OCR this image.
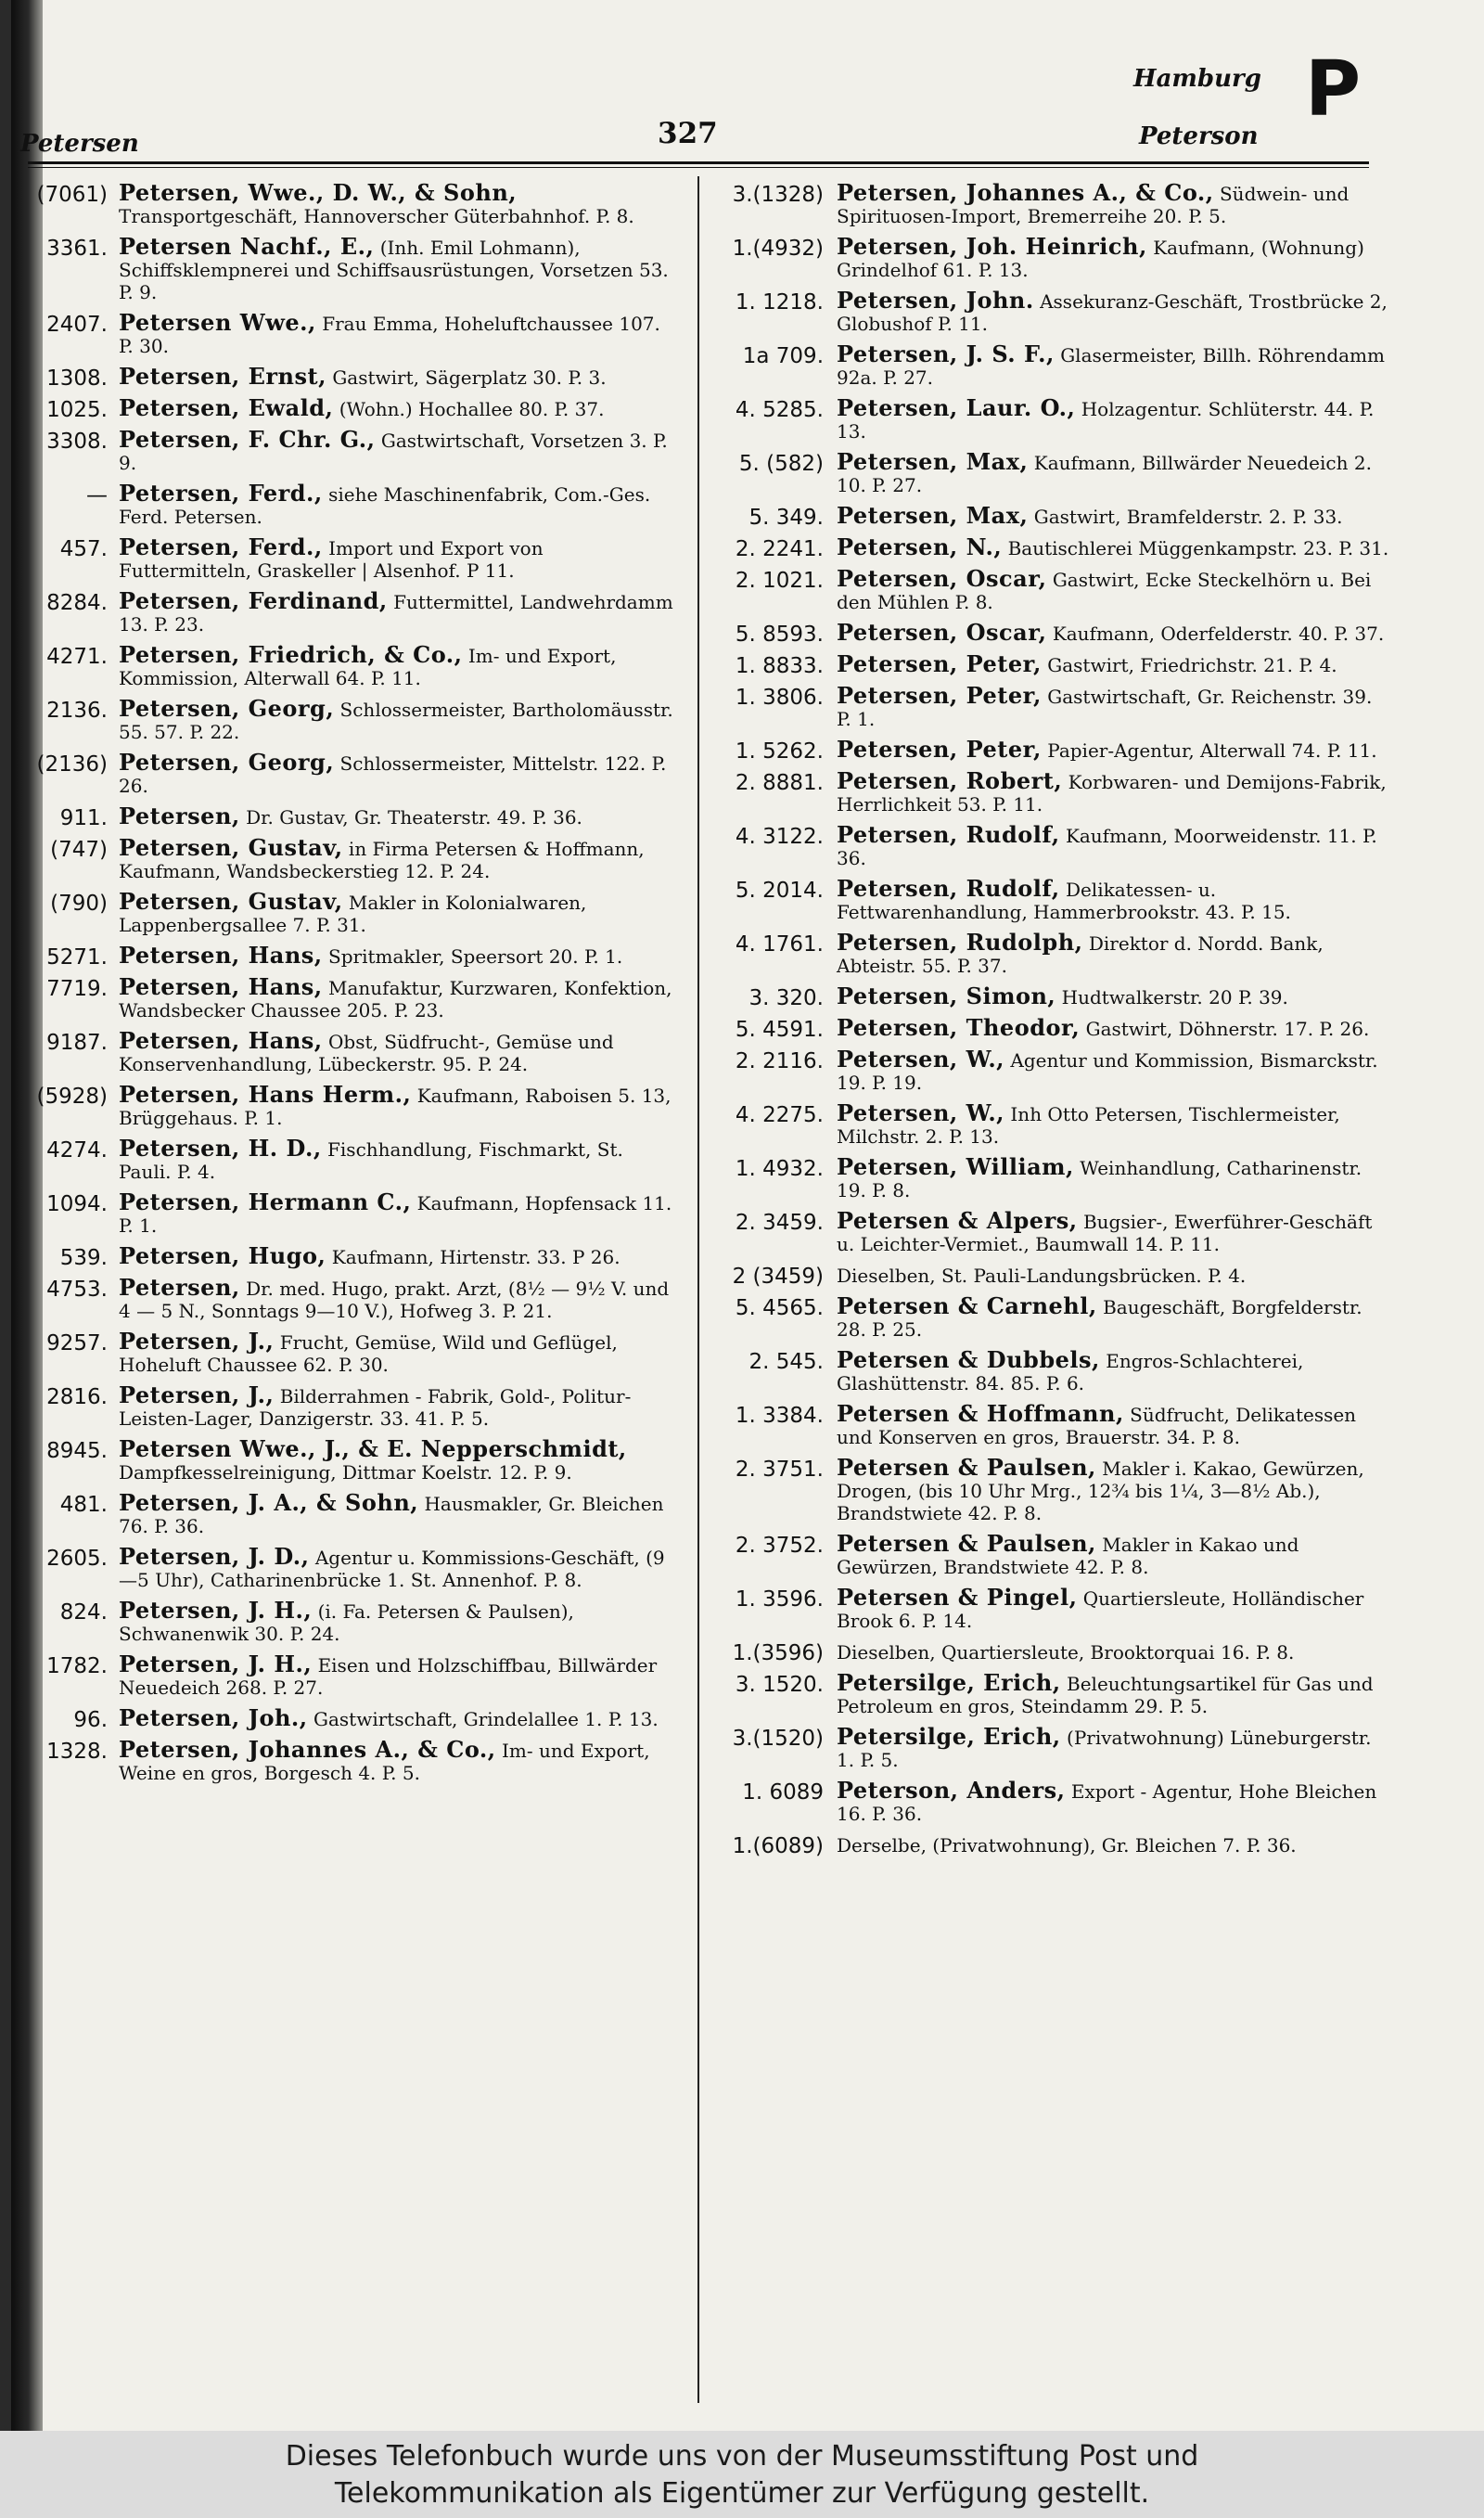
Petersen	327
Hamburg P
Peterson
(7061) Petersen, Wwe., D. W., & Sohn, Transportgeschäft, Hannoverscher Güterbahnhof. P. 8.
3361. Petersen Nachf., E., (Inh. Emil Lohmann), Schiffsklempnerei und Schiffsausrüstungen, Vorsetzen 53. P. 9.
2407. Petersen Wwe., Frau Emma, Hoheluftchaussee 107. P. 30.
1308. Petersen, Ernst, Gastwirt, Sägerplatz 30. P. 3.
1025. Petersen, Ewald, (Wohn.) Hochallee 80. P. 37.
3308. Petersen, F. Chr. G., Gastwirtschaft, Vorsetzen 3. P. 9.
— Petersen, Ferd., siehe Maschinenfabrik, Com.-Ges. Ferd. Petersen.
457. Petersen, Ferd., Import und Export von Futtermitteln, Graskeller | Alsenhof. P 11.
8284. Petersen, Ferdinand, Futtermittel, Landwehrdamm 13. P. 23.
4271. Petersen, Friedrich, & Co., Im- und Export, Kommission, Alterwall 64. P. 11.
2136. Petersen, Georg, Schlossermeister, Bartholomäusstr. 55. 57. P. 22.
(2136) Petersen, Georg, Schlossermeister, Mittelstr. 122. P. 26.
911. Petersen, Dr. Gustav, Gr. Theaterstr. 49. P. 36.
(747) Petersen, Gustav, in Firma Petersen & Hoffmann, Kaufmann, Wandsbeckerstieg 12. P. 24.
(790) Petersen, Gustav, Makler in Kolonialwaren, Lappenbergsallee 7. P. 31.
5271. Petersen, Hans, Spritmakler, Speersort 20. P. 1.
7719. Petersen, Hans, Manufaktur, Kurzwaren, Konfektion, Wandsbecker Chaussee 205. P. 23.
9187. Petersen, Hans, Obst, Südfrucht-, Gemüse und Konservenhandlung, Lübeckerstr. 95. P. 24.
(5928) Petersen, Hans Herm., Kaufmann, Raboisen 5. 13, Brüggehaus. P. 1.
4274. Petersen, H. D., Fischhandlung, Fischmarkt, St. Pauli. P. 4.
1094. Petersen, Hermann C., Kaufmann, Hopfensack 11. P. 1.
539. Petersen, Hugo, Kaufmann, Hirtenstr. 33. P 26.
4753. Petersen, Dr. med. Hugo, prakt. Arzt, (8½ — 9½ V. und 4 — 5 N., Sonntags 9—10 V.), Hofweg 3. P. 21.
9257. Petersen, J., Frucht, Gemüse, Wild und Geflügel, Hoheluft Chaussee 62. P. 30.
2816. Petersen, J., Bilderrahmen - Fabrik, Gold-, Politur- Leisten-Lager, Danzigerstr. 33. 41. P. 5.
8945. Petersen Wwe., J., & E. Nepperschmidt, Dampfkesselreinigung, Dittmar Koelstr. 12. P. 9.
481. Petersen, J. A., & Sohn, Hausmakler, Gr. Bleichen 76. P. 36.
2605. Petersen, J. D., Agentur u. Kommissions-Geschäft, (9—5 Uhr), Catharinenbrücke 1. St. Annenhof. P. 8.
824. Petersen, J. H., (i. Fa. Petersen & Paulsen), Schwanenwik 30. P. 24.
1782. Petersen, J. H., Eisen und Holzschiffbau, Billwärder Neuedeich 268. P. 27.
96. Petersen, Joh., Gastwirtschaft, Grindelallee 1. P. 13.
1328. Petersen, Johannes A., & Co., Im- und Export, Weine en gros, Borgesch 4. P. 5.
3.(1328) Petersen, Johannes A., & Co., Südwein- und Spirituosen-Import, Bremerreihe 20. P. 5.
1.(4932) Petersen, Joh. Heinrich, Kaufmann, (Wohnung) Grindelhof 61. P. 13.
1. 1218. Petersen, John. Assekuranz-Geschäft, Trostbrücke 2, Globushof P. 11.
1a 709. Petersen, J. S. F., Glasermeister, Billh. Röhrendamm 92a. P. 27.
4. 5285. Petersen, Laur. O., Holzagentur. Schlüterstr. 44. P. 13.
5. (582) Petersen, Max, Kaufmann, Billwärder Neuedeich 2. 10. P. 27.
5. 349. Petersen, Max, Gastwirt, Bramfelderstr. 2. P. 33.
2. 2241. Petersen, N., Bautischlerei Müggenkampstr. 23. P. 31.
2. 1021. Petersen, Oscar, Gastwirt, Ecke Steckelhörn u. Bei den Mühlen P. 8.
5. 8593. Petersen, Oscar, Kaufmann, Oderfelderstr. 40. P. 37.
1. 8833. Petersen, Peter, Gastwirt, Friedrichstr. 21. P. 4.
1. 3806. Petersen, Peter, Gastwirtschaft, Gr. Reichenstr. 39. P. 1.
1. 5262. Petersen, Peter, Papier-Agentur, Alterwall 74. P. 11.
2. 8881. Petersen, Robert, Korbwaren- und Demijons-Fabrik, Herrlichkeit 53. P. 11.
4. 3122. Petersen, Rudolf, Kaufmann, Moorweidenstr. 11. P. 36.
5. 2014. Petersen, Rudolf, Delikatessen- u. Fettwarenhandlung, Hammerbrookstr. 43. P. 15.
4. 1761. Petersen, Rudolph, Direktor d. Nordd. Bank, Abteistr. 55. P. 37.
3. 320. Petersen, Simon, Hudtwalkerstr. 20 P. 39.
5. 4591. Petersen, Theodor, Gastwirt, Döhnerstr. 17. P. 26.
2. 2116. Petersen, W., Agentur und Kommission, Bismarckstr. 19. P. 19.
4. 2275. Petersen, W., Inh Otto Petersen, Tischlermeister, Milchstr. 2. P. 13.
1. 4932. Petersen, William, Weinhandlung, Catharinenstr. 19. P. 8.
2. 3459. Petersen & Alpers, Bugsier-, Ewerführer-Geschäft u. Leichter-Vermiet., Baumwall 14. P. 11.
2 (3459) Dieselben, St. Pauli-Landungsbrücken. P. 4.
5. 4565. Petersen & Carnehl, Baugeschäft, Borgfelderstr. 28. P. 25.
2. 545. Petersen & Dubbels, Engros-Schlachterei, Glashüttenstr. 84. 85. P. 6.
1. 3384. Petersen & Hoffmann, Südfrucht, Delikatessen und Konserven en gros, Brauerstr. 34. P. 8.
2. 3751. Petersen & Paulsen, Makler i. Kakao, Gewürzen, Drogen, (bis 10 Uhr Mrg., 12¾ bis 1¼, 3—8½ Ab.), Brandstwiete 42. P. 8.
2. 3752. Petersen & Paulsen, Makler in Kakao und Gewürzen, Brandstwiete 42. P. 8.
1. 3596. Petersen & Pingel, Quartiersleute, Holländischer Brook 6. P. 14.
1.(3596) Dieselben, Quartiersleute, Brooktorquai 16. P. 8.
3. 1520. Petersilge, Erich, Beleuchtungsartikel für Gas und Petroleum en gros, Steindamm 29. P. 5.
3.(1520) Petersilge, Erich, (Privatwohnung) Lüneburgerstr. 1. P. 5.
1. 6089 Peterson, Anders, Export - Agentur, Hohe Bleichen 16. P. 36.
1.(6089) Derselbe, (Privatwohnung), Gr. Bleichen 7. P. 36.
Dieses Telefonbuch wurde uns von der Museumsstiftung Post und
Telekommunikation als Eigentümer zur Verfügung gestellt.
